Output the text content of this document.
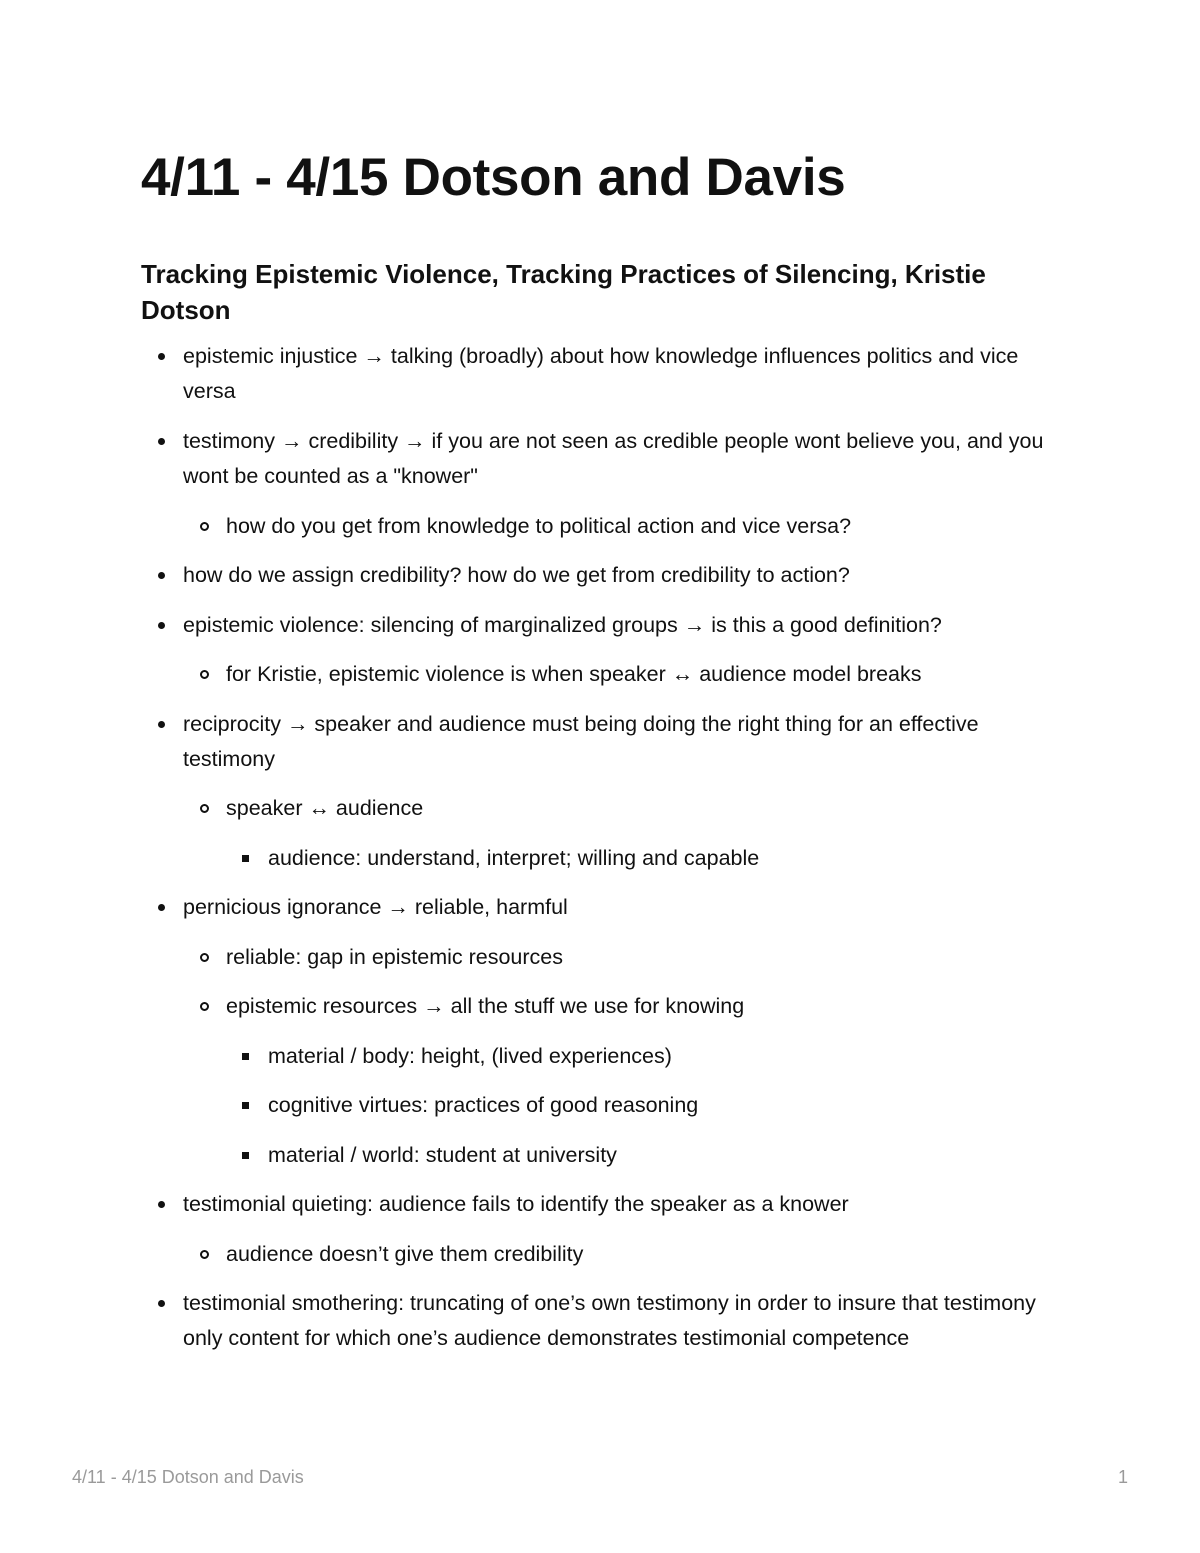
4/11 - 4/15 Dotson and Davis
Tracking Epistemic Violence, Tracking Practices of Silencing, Kristie Dotson
epistemic injustice → talking (broadly) about how knowledge influences politics and vice versa
testimony → credibility → if you are not seen as credible people wont believe you, and you wont be counted as a "knower"
how do you get from knowledge to political action and vice versa?
how do we assign credibility? how do we get from credibility to action?
epistemic violence: silencing of marginalized groups → is this a good definition?
for Kristie, epistemic violence is when speaker ↔ audience model breaks
reciprocity → speaker and audience must being doing the right thing for an effective testimony
speaker ↔ audience
audience: understand, interpret; willing and capable
pernicious ignorance → reliable, harmful
reliable: gap in epistemic resources
epistemic resources → all the stuff we use for knowing
material / body: height, (lived experiences)
cognitive virtues: practices of good reasoning
material / world: student at university
testimonial quieting: audience fails to identify the speaker as a knower
audience doesn’t give them credibility
testimonial smothering: truncating of one’s own testimony in order to insure that testimony only content for which one’s audience demonstrates testimonial competence
4/11 - 4/15 Dotson and Davis	1
